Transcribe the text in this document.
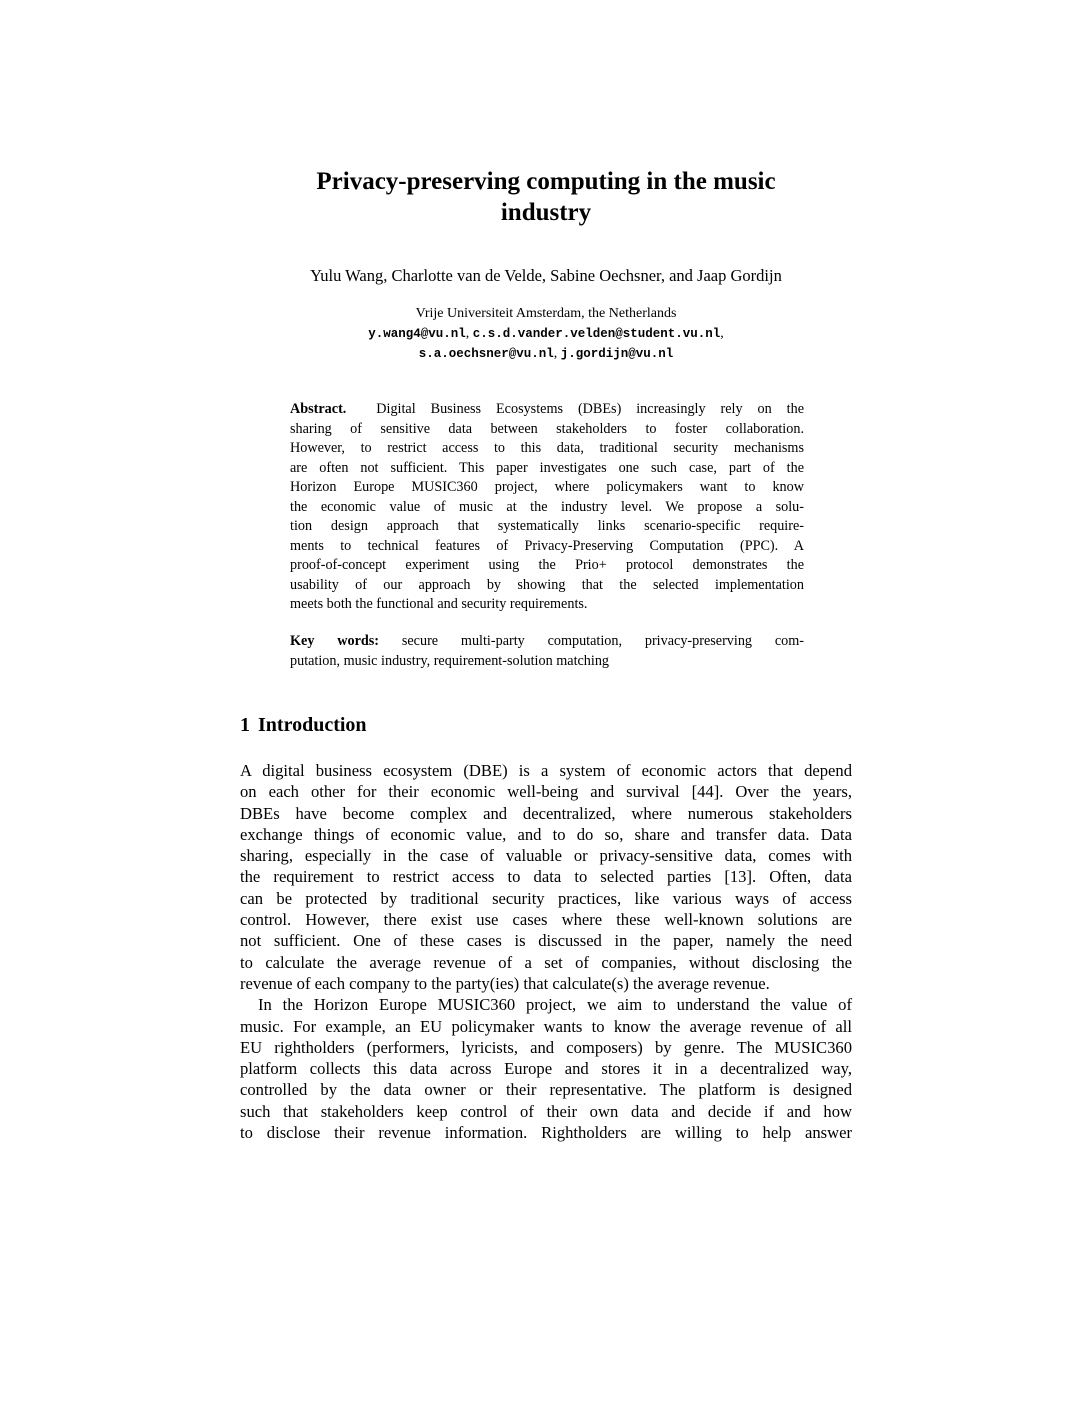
Privacy-preserving computing in the music
industry
Yulu Wang, Charlotte van de Velde, Sabine Oechsner, and Jaap Gordijn
Vrije Universiteit Amsterdam, the Netherlands
y.wang4@vu.nl, c.s.d.vander.velden@student.vu.nl,
s.a.oechsner@vu.nl, j.gordijn@vu.nl
Abstract. Digital Business Ecosystems (DBEs) increasingly rely on the
sharing of sensitive data between stakeholders to foster collaboration.
However, to restrict access to this data, traditional security mechanisms
are often not sufficient. This paper investigates one such case, part of the
Horizon Europe MUSIC360 project, where policymakers want to know
the economic value of music at the industry level. We propose a solu-
tion design approach that systematically links scenario-specific require-
ments to technical features of Privacy-Preserving Computation (PPC). A
proof-of-concept experiment using the Prio+ protocol demonstrates the
usability of our approach by showing that the selected implementation
meets both the functional and security requirements.
Key words: secure multi-party computation, privacy-preserving com-
putation, music industry, requirement-solution matching
1 Introduction
A digital business ecosystem (DBE) is a system of economic actors that depend
on each other for their economic well-being and survival [44]. Over the years,
DBEs have become complex and decentralized, where numerous stakeholders
exchange things of economic value, and to do so, share and transfer data. Data
sharing, especially in the case of valuable or privacy-sensitive data, comes with
the requirement to restrict access to data to selected parties [13]. Often, data
can be protected by traditional security practices, like various ways of access
control. However, there exist use cases where these well-known solutions are
not sufficient. One of these cases is discussed in the paper, namely the need
to calculate the average revenue of a set of companies, without disclosing the
revenue of each company to the party(ies) that calculate(s) the average revenue.
In the Horizon Europe MUSIC360 project, we aim to understand the value of
music. For example, an EU policymaker wants to know the average revenue of all
EU rightholders (performers, lyricists, and composers) by genre. The MUSIC360
platform collects this data across Europe and stores it in a decentralized way,
controlled by the data owner or their representative. The platform is designed
such that stakeholders keep control of their own data and decide if and how
to disclose their revenue information. Rightholders are willing to help answer
